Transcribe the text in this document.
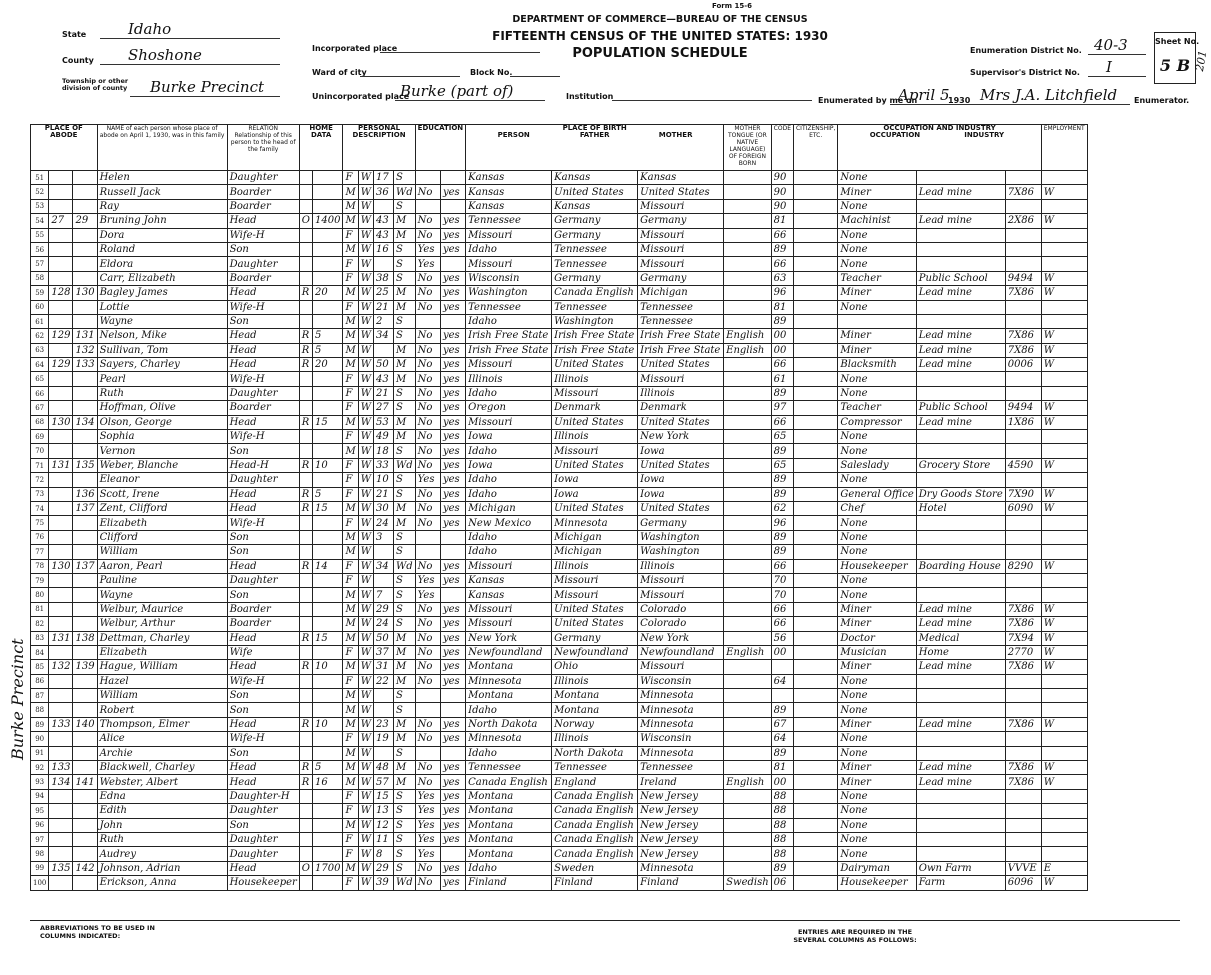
Form 15-6
DEPARTMENT OF COMMERCE—BUREAU OF THE CENSUS
FIFTEENTH CENSUS OF THE UNITED STATES: 1930
POPULATION SCHEDULE
State	Idaho
County Shoshone
Township or other division of county	Burke Precinct
Incorporated place
Ward of city	Block No.
Unincorporated place
Burke (part of)	Institution
Enumeration District No. 40-3
Supervisor's District No. I
Sheet No.
5 B 201
Enumerated by me on
April 5
1930 Mrs J.A. Litchfield Enumerator.
Burke Precinct
PLACE OF ABODE			NAME of each person whose place of abode on April 1, 1930, was in this family	RELATION Relationship of this person to the head of the family	HOME DATA		PERSONAL DESCRIPTION				EDUCATION		PLACE OF BIRTH
PERSON FATHER MOTHER			MOTHER TONGUE (OR NATIVE LANGUAGE) OF FOREIGN BORN	CODE	CITIZENSHIP, ETC.	OCCUPATION AND INDUSTRY
OCCUPATION INDUSTRY			EMPLOYMENT
51			Helen	Daughter			F	W	17	S			Kansas	Kansas	Kansas		90		None			
52			Russell Jack	Boarder			M	W	36	Wd	No	yes	Kansas	United States	United States		90		Miner	Lead mine	7X86	W
53			Ray	Boarder			M	W		S			Kansas	Kansas	Missouri		90		None			
54	27	29	Bruning John	Head	O	1400	M	W	43	M	No	yes	Tennessee	Germany	Germany		81		Machinist	Lead mine	2X86	W
55			Dora	Wife-H			F	W	43	M	No	yes	Missouri	Germany	Missouri		66		None			
56			Roland	Son			M	W	16	S	Yes	yes	Idaho	Tennessee	Missouri		89		None			
57			Eldora	Daughter			F	W		S	Yes		Missouri	Tennessee	Missouri		66		None			
58			Carr, Elizabeth	Boarder			F	W	38	S	No	yes	Wisconsin	Germany	Germany		63		Teacher	Public School	9494	W
59	128	130	Bagley James	Head	R	20	M	W	25	M	No	yes	Washington	Canada English	Michigan		96		Miner	Lead mine	7X86	W
60			Lottie	Wife-H			F	W	21	M	No	yes	Tennessee	Tennessee	Tennessee		81		None			
61			Wayne	Son			M	W	2	S			Idaho	Washington	Tennessee		89					
62	129	131	Nelson, Mike	Head	R	5	M	W	34	S	No	yes	Irish Free State	Irish Free State	Irish Free State	English	00		Miner	Lead mine	7X86	W
63		132	Sullivan, Tom	Head	R	5	M	W		M	No	yes	Irish Free State	Irish Free State	Irish Free State	English	00		Miner	Lead mine	7X86	W
64	129	133	Sayers, Charley	Head	R	20	M	W	50	M	No	yes	Missouri	United States	United States		66		Blacksmith	Lead mine	0006	W
65			Pearl	Wife-H			F	W	43	M	No	yes	Illinois	Illinois	Missouri		61		None			
66			Ruth	Daughter			F	W	21	S	No	yes	Idaho	Missouri	Illinois		89		None			
67			Hoffman, Olive	Boarder			F	W	27	S	No	yes	Oregon	Denmark	Denmark		97		Teacher	Public School	9494	W
68	130	134	Olson, George	Head	R	15	M	W	53	M	No	yes	Missouri	United States	United States		66		Compressor	Lead mine	1X86	W
69			Sophia	Wife-H			F	W	49	M	No	yes	Iowa	Illinois	New York		65		None			
70			Vernon	Son			M	W	18	S	No	yes	Idaho	Missouri	Iowa		89		None			
71	131	135	Weber, Blanche	Head-H	R	10	F	W	33	Wd	No	yes	Iowa	United States	United States		65		Saleslady	Grocery Store	4590	W
72			Eleanor	Daughter			F	W	10	S	Yes	yes	Idaho	Iowa	Iowa		89		None			
73		136	Scott, Irene	Head	R	5	F	W	21	S	No	yes	Idaho	Iowa	Iowa		89		General Office	Dry Goods Store	7X90	W
74		137	Zent, Clifford	Head	R	15	M	W	30	M	No	yes	Michigan	United States	United States		62		Chef	Hotel	6090	W
75			Elizabeth	Wife-H			F	W	24	M	No	yes	New Mexico	Minnesota	Germany		96		None			
76			Clifford	Son			M	W	3	S			Idaho	Michigan	Washington		89		None			
77			William	Son			M	W		S			Idaho	Michigan	Washington		89		None			
78	130	137	Aaron, Pearl	Head	R	14	F	W	34	Wd	No	yes	Missouri	Illinois	Illinois		66		Housekeeper	Boarding House	8290	W
79			Pauline	Daughter			F	W		S	Yes	yes	Kansas	Missouri	Missouri		70		None			
80			Wayne	Son			M	W	7	S	Yes		Kansas	Missouri	Missouri		70		None			
81			Welbur, Maurice	Boarder			M	W	29	S	No	yes	Missouri	United States	Colorado		66		Miner	Lead mine	7X86	W
82			Welbur, Arthur	Boarder			M	W	24	S	No	yes	Missouri	United States	Colorado		66		Miner	Lead mine	7X86	W
83	131	138	Dettman, Charley	Head	R	15	M	W	50	M	No	yes	New York	Germany	New York		56		Doctor	Medical	7X94	W
84			Elizabeth	Wife			F	W	37	M	No	yes	Newfoundland	Newfoundland	Newfoundland	English	00		Musician	Home	2770	W
85	132	139	Hague, William	Head	R	10	M	W	31	M	No	yes	Montana	Ohio	Missouri				Miner	Lead mine	7X86	W
86			Hazel	Wife-H			F	W	22	M	No	yes	Minnesota	Illinois	Wisconsin		64		None			
87			William	Son			M	W		S			Montana	Montana	Minnesota				None			
88			Robert	Son			M	W		S			Idaho	Montana	Minnesota		89		None			
89	133	140	Thompson, Elmer	Head	R	10	M	W	23	M	No	yes	North Dakota	Norway	Minnesota		67		Miner	Lead mine	7X86	W
90			Alice	Wife-H			F	W	19	M	No	yes	Minnesota	Illinois	Wisconsin		64		None			
91			Archie	Son			M	W		S			Idaho	North Dakota	Minnesota		89		None			
92	133		Blackwell, Charley	Head	R	5	M	W	48	M	No	yes	Tennessee	Tennessee	Tennessee		81		Miner	Lead mine	7X86	W
93	134	141	Webster, Albert	Head	R	16	M	W	57	M	No	yes	Canada English	England	Ireland	English	00		Miner	Lead mine	7X86	W
94			Edna	Daughter-H			F	W	15	S	Yes	yes	Montana	Canada English	New Jersey		88		None			
95			Edith	Daughter			F	W	13	S	Yes	yes	Montana	Canada English	New Jersey		88		None			
96			John	Son			M	W	12	S	Yes	yes	Montana	Canada English	New Jersey		88		None			
97			Ruth	Daughter			F	W	11	S	Yes	yes	Montana	Canada English	New Jersey		88		None			
98			Audrey	Daughter			F	W	8	S	Yes		Montana	Canada English	New Jersey		88		None			
99	135	142	Johnson, Adrian	Head	O	1700	M	W	29	S	No	yes	Idaho	Sweden	Minnesota		89		Dairyman	Own Farm	VVVE	E
100			Erickson, Anna	Housekeeper			F	W	39	Wd	No	yes	Finland	Finland	Finland	Swedish	06		Housekeeper	Farm	6096	W
ABBREVIATIONS TO BE USED IN COLUMNS INDICATED:	ENTRIES ARE REQUIRED IN THE SEVERAL COLUMNS AS FOLLOWS:
